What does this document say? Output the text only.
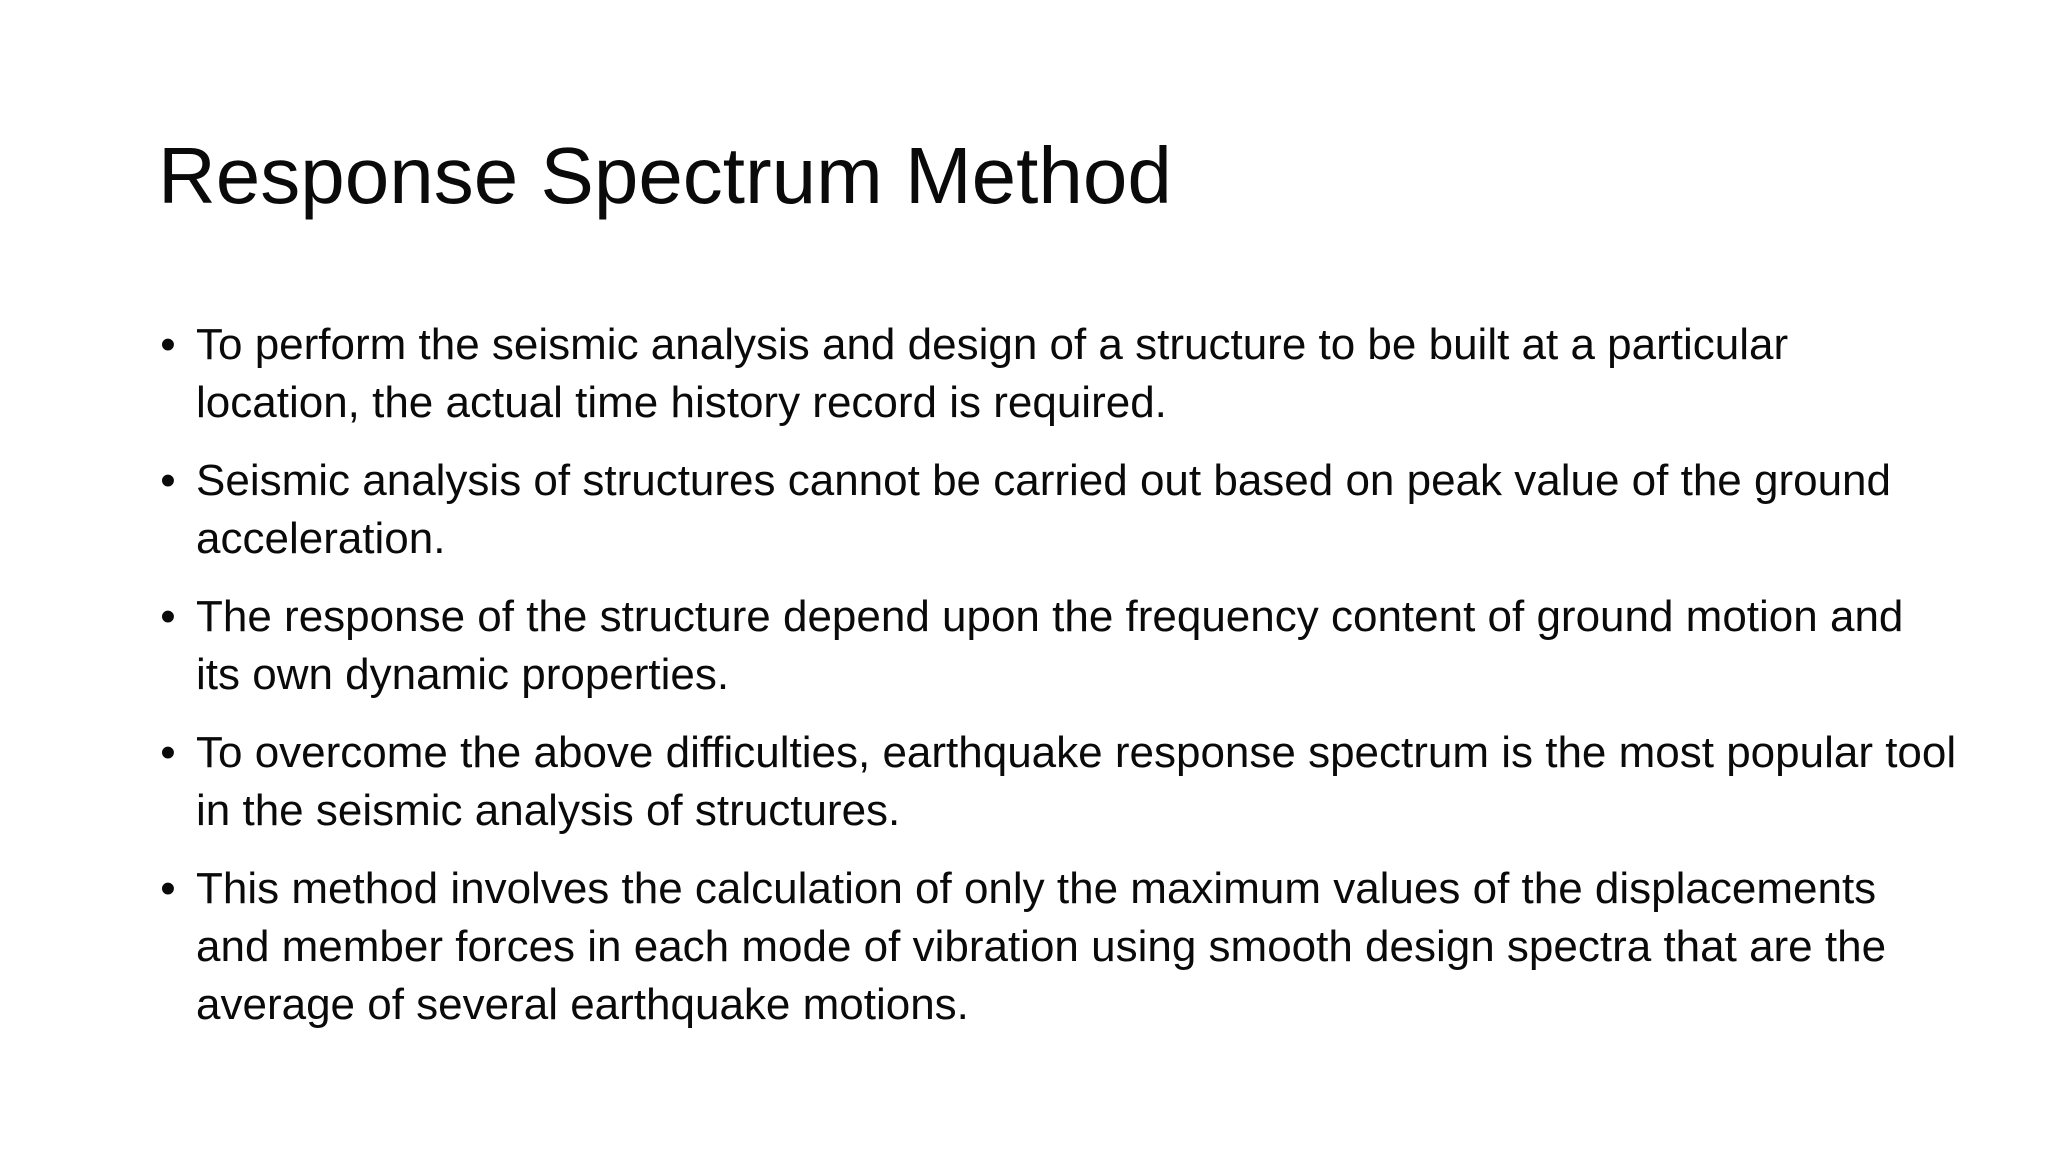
Response Spectrum Method
• To perform the seismic analysis and design of a structure to be built at a particular location, the actual time history record is required.
• Seismic analysis of structures cannot be carried out based on peak value of the ground acceleration.
• The response of the structure depend upon the frequency content of ground motion and its own dynamic properties.
• To overcome the above difficulties, earthquake response spectrum is the most popular tool in the seismic analysis of structures.
• This method involves the calculation of only the maximum values of the displacements and member forces in each mode of vibration using smooth design spectra that are the average of several earthquake motions.
